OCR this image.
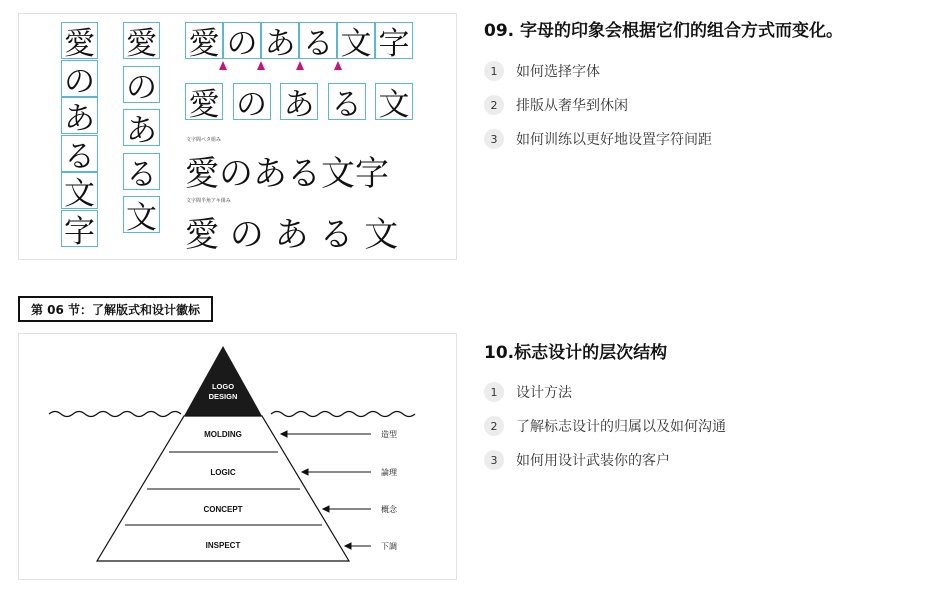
愛
の
あ
る
文
字
愛
の
あ
る
文
愛 の あ る 文 字
愛 の あ る 文
文字間ベタ組み
愛のある文字
文字間半角アキ組み
愛 の あ る 文
09. 字母的印象会根据它们的组合方式而变化。
1	如何选择字体
2	排版从奢华到休闲
3	如何训练以更好地设置字符间距
第 06 节：了解版式和设计徽标
LOGO
DESIGN
MOLDING
LOGIC
CONCEPT
INSPECT
造型
論理
概念
下調
10.标志设计的层次结构
1	设计方法
2	了解标志设计的归属以及如何沟通
3	如何用设计武装你的客户
